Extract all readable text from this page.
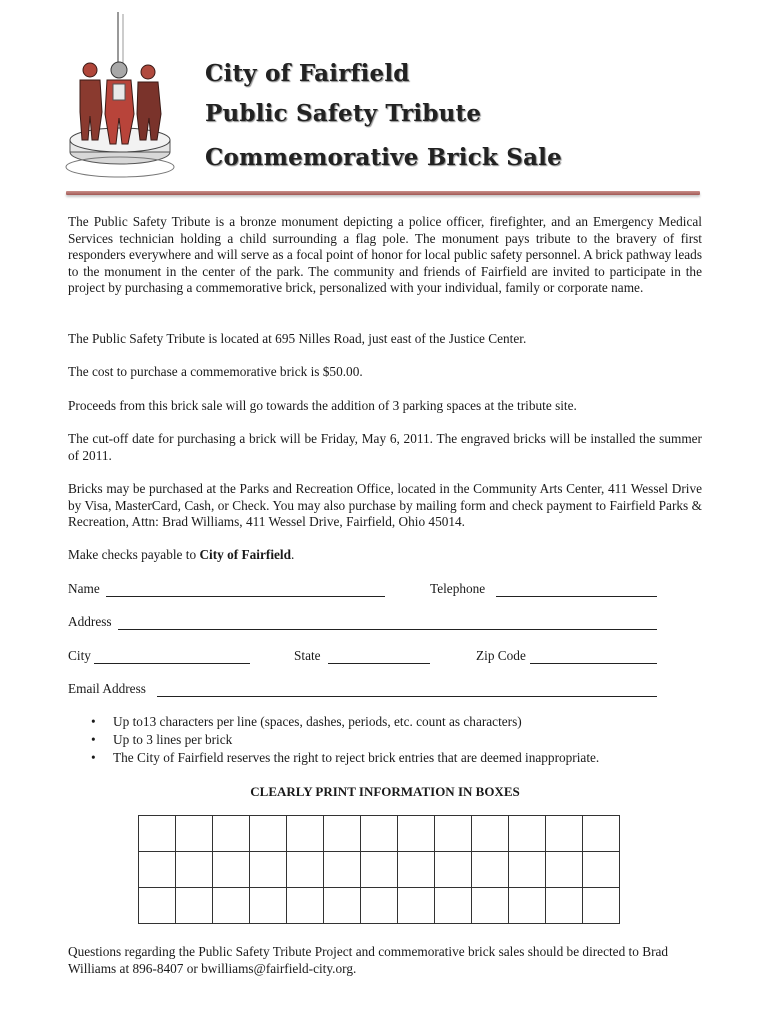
City of Fairfield
Public Safety Tribute
Commemorative Brick Sale
The Public Safety Tribute is a bronze monument depicting a police officer, firefighter, and an Emergency Medical Services technician holding a child surrounding a flag pole. The monument pays tribute to the bravery of first responders everywhere and will serve as a focal point of honor for local public safety personnel. A brick pathway leads to the monument in the center of the park. The community and friends of Fairfield are invited to participate in the project by purchasing a commemorative brick, personalized with your individual, family or corporate name.
The Public Safety Tribute is located at 695 Nilles Road, just east of the Justice Center.
The cost to purchase a commemorative brick is $50.00.
Proceeds from this brick sale will go towards the addition of 3 parking spaces at the tribute site.
The cut-off date for purchasing a brick will be Friday, May 6, 2011. The engraved bricks will be installed the summer of 2011.
Bricks may be purchased at the Parks and Recreation Office, located in the Community Arts Center, 411 Wessel Drive by Visa, MasterCard, Cash, or Check. You may also purchase by mailing form and check payment to Fairfield Parks & Recreation, Attn: Brad Williams, 411 Wessel Drive, Fairfield, Ohio 45014.
Make checks payable to City of Fairfield.
Name	Telephone
Address
City	State	Zip Code
Email Address
• Up to13 characters per line (spaces, dashes, periods, etc. count as characters)
• Up to 3 lines per brick
• The City of Fairfield reserves the right to reject brick entries that are deemed inappropriate.
CLEARLY PRINT INFORMATION IN BOXES

Questions regarding the Public Safety Tribute Project and commemorative brick sales should be directed to Brad Williams at 896-8407 or bwilliams@fairfield-city.org.
